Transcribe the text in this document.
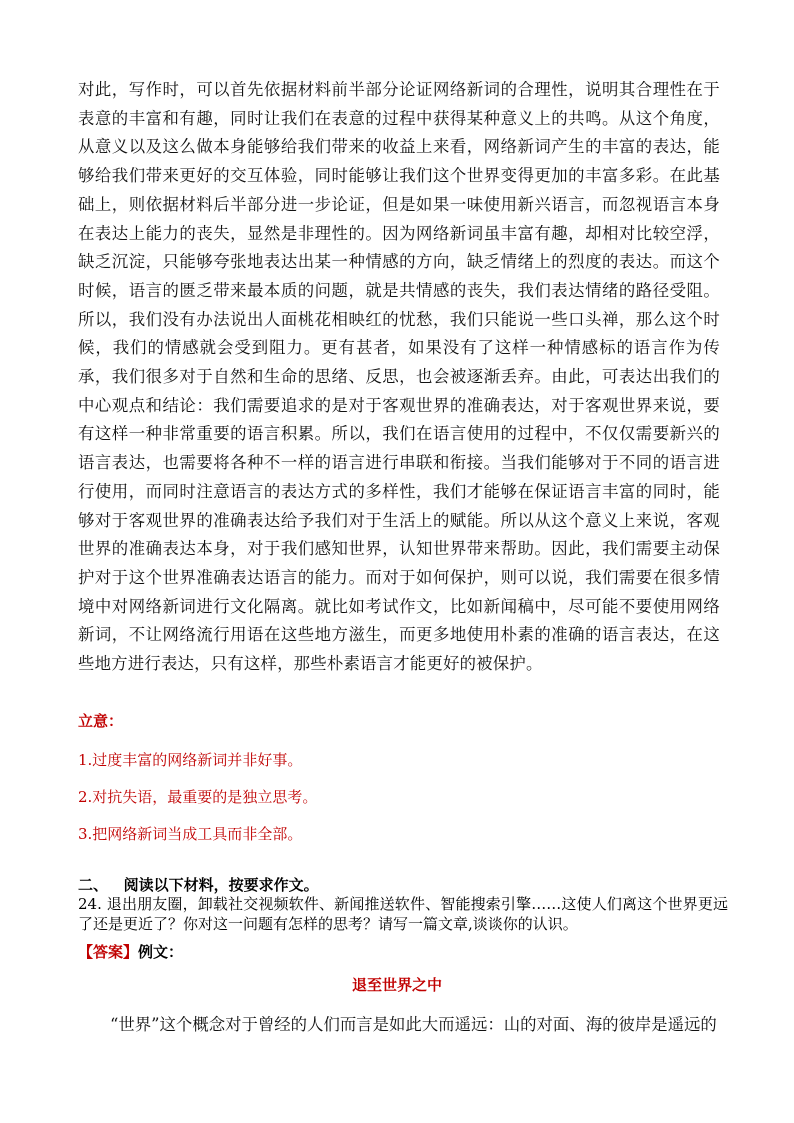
对此，写作时，可以首先依据材料前半部分论证网络新词的合理性，说明其合理性在于表意的丰富和有趣，同时让我们在表意的过程中获得某种意义上的共鸣。从这个角度，从意义以及这么做本身能够给我们带来的收益上来看，网络新词产生的丰富的表达，能够给我们带来更好的交互体验，同时能够让我们这个世界变得更加的丰富多彩。在此基础上，则依据材料后半部分进一步论证，但是如果一味使用新兴语言，而忽视语言本身在表达上能力的丧失，显然是非理性的。因为网络新词虽丰富有趣，却相对比较空浮，缺乏沉淀，只能够夸张地表达出某一种情感的方向，缺乏情绪上的烈度的表达。而这个时候，语言的匮乏带来最本质的问题，就是共情感的丧失，我们表达情绪的路径受阻。所以，我们没有办法说出人面桃花相映红的忧愁，我们只能说一些口头禅，那么这个时候，我们的情感就会受到阻力。更有甚者，如果没有了这样一种情感标的语言作为传承，我们很多对于自然和生命的思绪、反思，也会被逐渐丢弃。由此，可表达出我们的中心观点和结论：我们需要追求的是对于客观世界的准确表达，对于客观世界来说，要有这样一种非常重要的语言积累。所以，我们在语言使用的过程中，不仅仅需要新兴的语言表达，也需要将各种不一样的语言进行串联和衔接。当我们能够对于不同的语言进行使用，而同时注意语言的表达方式的多样性，我们才能够在保证语言丰富的同时，能够对于客观世界的准确表达给予我们对于生活上的赋能。所以从这个意义上来说，客观世界的准确表达本身，对于我们感知世界，认知世界带来帮助。因此，我们需要主动保护对于这个世界准确表达语言的能力。而对于如何保护，则可以说，我们需要在很多情境中对网络新词进行文化隔离。就比如考试作文，比如新闻稿中，尽可能不要使用网络新词，不让网络流行用语在这些地方滋生，而更多地使用朴素的准确的语言表达，在这些地方进行表达，只有这样，那些朴素语言才能更好的被保护。
立意：
1.过度丰富的网络新词并非好事。
2.对抗失语，最重要的是独立思考。
3.把网络新词当成工具而非全部。
二、   阅读以下材料，按要求作文。
24. 退出朋友圈，卸载社交视频软件、新闻推送软件、智能搜索引擎……这使人们离这个世界更远了还是更近了？你对这一问题有怎样的思考？请写一篇文章,谈谈你的认识。
【答案】例文：
退至世界之中
“世界”这个概念对于曾经的人们而言是如此大而遥远：山的对面、海的彼岸是遥远的
